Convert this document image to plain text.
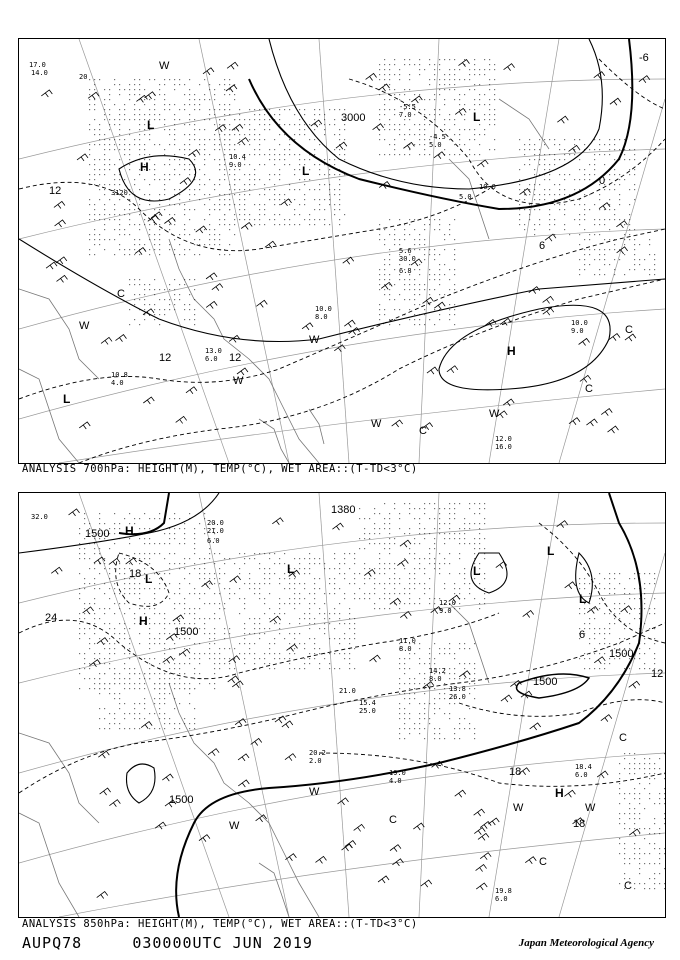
3000
12
12	12
6
0
-6
L
H	L
L
H
L
W
W
W
W
W
W
C
C
C
C
17.0
14.0	20
3120
10.4
9.0
10.0
9.0
12.0
16.0
10.8
4.0
13.0
6.0
10.0
8.0
-5.5
7.0
-4.5
5.0
10.0
5.6
30.0
6.8
5.0
ANALYSIS 700hPa: HEIGHT(M), TEMP(°C), WET AREA::(T-TD<3°C)
1500
1500
1500
1500
1500
1380
24
18
18
18
12
6
H
L
H
L	L
L
H
L
W
W
W	W
C
C
C
C
32.0
20.0
21.0
6.0
19.0
4.0
18.4
6.0
19.8
6.0
20.2
2.0
12.0
9.0
11.0
8.0
14.2
8.0
13.8
26.0
21.0
15.4
25.0
ANALYSIS 850hPa: HEIGHT(M), TEMP(°C), WET AREA::(T-TD<3°C)
AUPQ78	030000UTC JUN 2019	Japan Meteorological Agency
